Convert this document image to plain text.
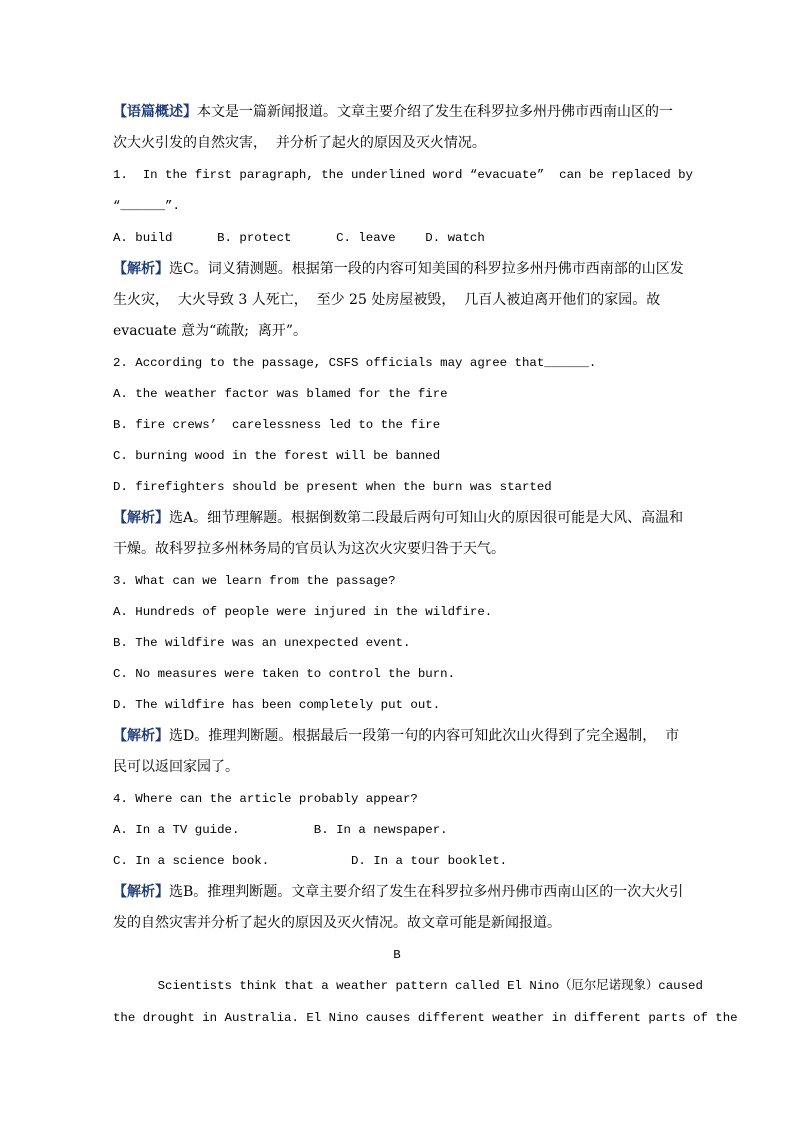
【语篇概述】本文是一篇新闻报道。文章主要介绍了发生在科罗拉多州丹佛市西南山区的一
次大火引发的自然灾害，  并分析了起火的原因及灭火情况。
1.  In the first paragraph, the underlined word “evacuate”  can be replaced by
“______”.
A. build      B. protect      C. leave    D. watch
【解析】选C。词义猜测题。根据第一段的内容可知美国的科罗拉多州丹佛市西南部的山区发
生火灾，  大火导致 3 人死亡，  至少 25 处房屋被毁，  几百人被迫离开他们的家园。故
evacuate 意为“疏散;  离开”。
2. According to the passage, CSFS officials may agree that______.
A. the weather factor was blamed for the fire
B. fire crews’  carelessness led to the fire
C. burning wood in the forest will be banned
D. firefighters should be present when the burn was started
【解析】选A。细节理解题。根据倒数第二段最后两句可知山火的原因很可能是大风、高温和
干燥。故科罗拉多州林务局的官员认为这次火灾要归咎于天气。
3. What can we learn from the passage?
A. Hundreds of people were injured in the wildfire.
B. The wildfire was an unexpected event.
C. No measures were taken to control the burn.
D. The wildfire has been completely put out.
【解析】选D。推理判断题。根据最后一段第一句的内容可知此次山火得到了完全遏制，  市
民可以返回家园了。
4. Where can the article probably appear?
A. In a TV guide.          B. In a newspaper.
C. In a science book.           D. In a tour booklet.
【解析】选B。推理判断题。文章主要介绍了发生在科罗拉多州丹佛市西南山区的一次大火引
发的自然灾害并分析了起火的原因及灭火情况。故文章可能是新闻报道。
B
Scientists think that a weather pattern called El Nino（厄尔尼诺现象）caused
the drought in Australia. El Nino causes different weather in different parts of the
